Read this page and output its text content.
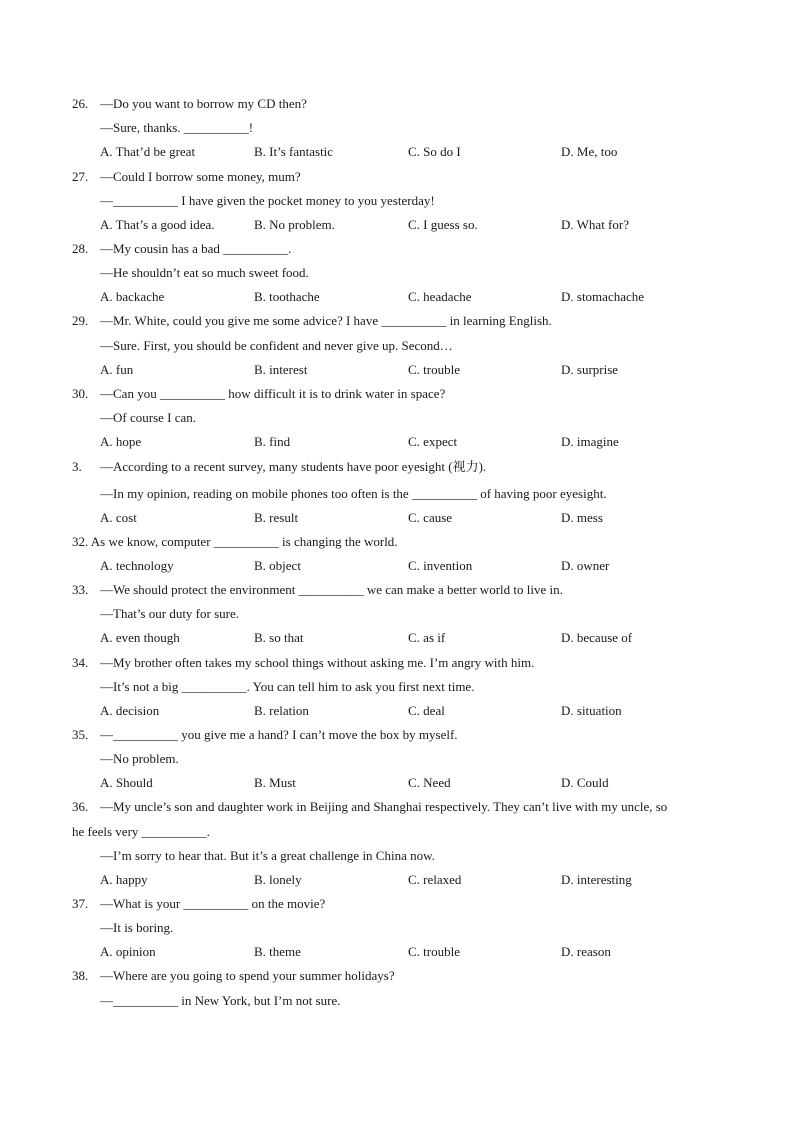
26. —Do you want to borrow my CD then?
—Sure, thanks. __________!
A. That’d be great	B. It’s fantastic	C. So do I	D. Me, too
27. —Could I borrow some money, mum?
—__________ I have given the pocket money to you yesterday!
A. That’s a good idea.	B. No problem.	C. I guess so.	D. What for?
28. —My cousin has a bad __________.
—He shouldn’t eat so much sweet food.
A. backache	B. toothache	C. headache	D. stomachache
29. —Mr. White, could you give me some advice? I have __________ in learning English.
—Sure. First, you should be confident and never give up. Second…
A. fun	B. interest	C. trouble	D. surprise
30. —Can you __________ how difficult it is to drink water in space?
—Of course I can.
A. hope	B. find	C. expect	D. imagine
3. —According to a recent survey, many students have poor eyesight (视力).
—In my opinion, reading on mobile phones too often is the __________ of having poor eyesight.
A. cost	B. result	C. cause	D. mess
32. As we know, computer __________ is changing the world.
A. technology	B. object	C. invention	D. owner
33. —We should protect the environment __________ we can make a better world to live in.
—That’s our duty for sure.
A. even though	B. so that	C. as if	D. because of
34. —My brother often takes my school things without asking me. I’m angry with him.
—It’s not a big __________. You can tell him to ask you first next time.
A. decision	B. relation	C. deal	D. situation
35. —__________ you give me a hand? I can’t move the box by myself.
—No problem.
A. Should	B. Must	C. Need	D. Could
36. —My uncle’s son and daughter work in Beijing and Shanghai respectively. They can’t live with my uncle, so
he feels very __________.
—I’m sorry to hear that. But it’s a great challenge in China now.
A. happy	B. lonely	C. relaxed	D. interesting
37. —What is your __________ on the movie?
—It is boring.
A. opinion	B. theme	C. trouble	D. reason
38. —Where are you going to spend your summer holidays?
—__________ in New York, but I’m not sure.
